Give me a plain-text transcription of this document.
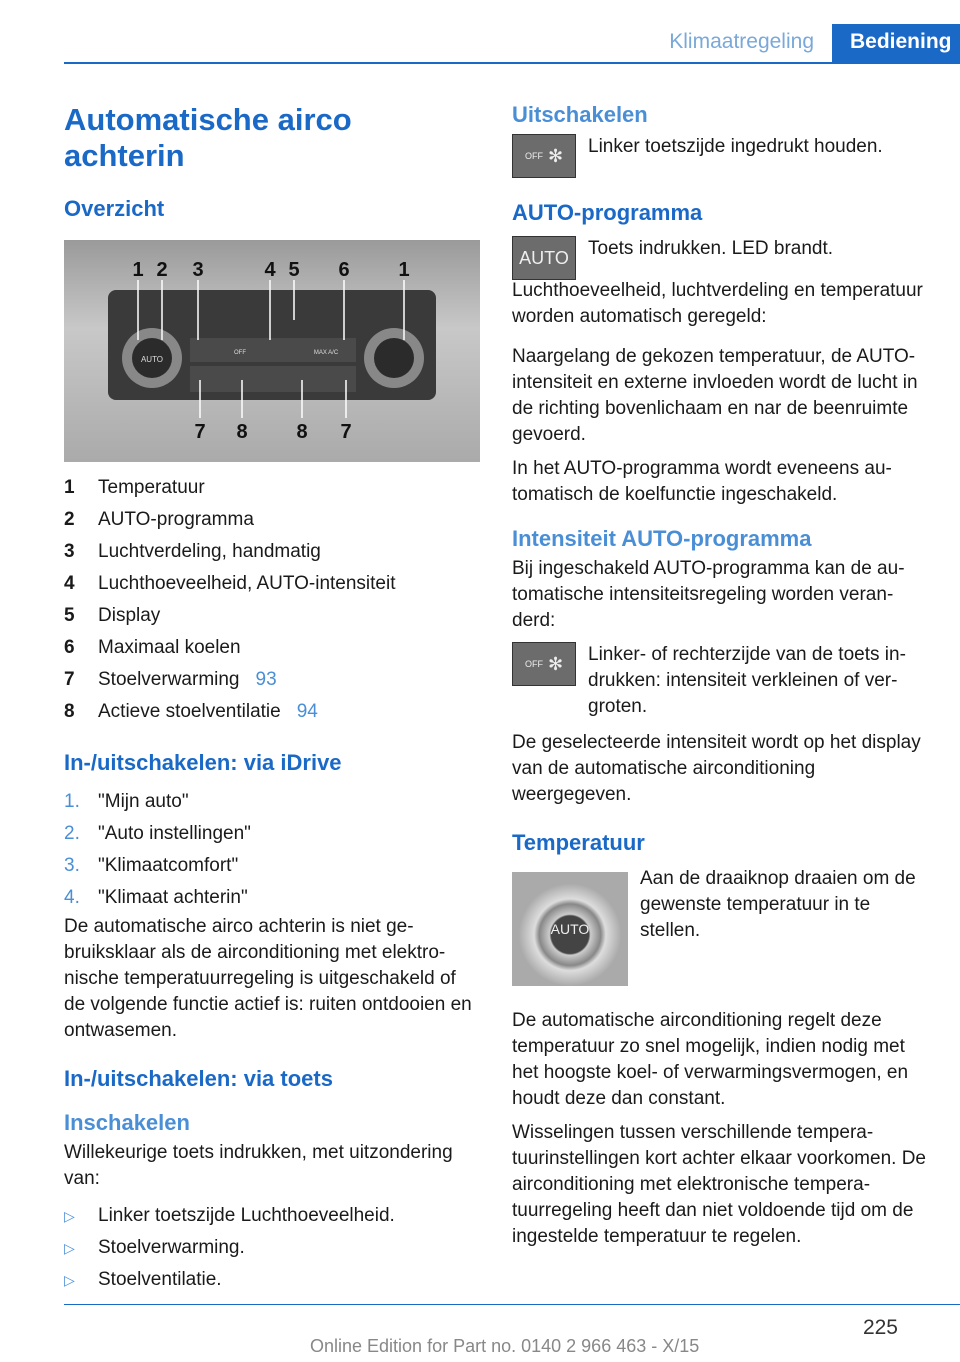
Klimaatregeling	Bediening
Automatische airco achterin
Overzicht
AUTO
OFF	MAX A/C
1 2 3	4 5 6 1
7 8 8 7
1	Temperatuur
2	AUTO-programma
3	Luchtverdeling, handmatig
4	Luchthoeveelheid, AUTO-intensiteit
5	Display
6	Maximaal koelen
7	Stoelverwarming 93
8	Actieve stoelventilatie 94
In-/uitschakelen: via iDrive
1. "Mijn auto"
2. "Auto instellingen"
3. "Klimaatcomfort"
4. "Klimaat achterin"

De automatische airco achterin is niet gebruiksklaar als de airconditioning met elektronische temperatuurregeling is uitgeschakeld of de volgende functie actief is: ruiten ontdooien en ontwasemen.

In-/uitschakelen: via toets
Inschakelen

Willekeurige toets indrukken, met uitzondering van:

▷	Linker toetszijde Luchthoeveelheid.
▷	Stoelverwarming.
▷	Stoelventilatie.
Uitschakelen
OFF ✻	Linker toetszijde ingedrukt houden.

AUTO-programma
AUTO	Toets indrukken. LED brandt.

Luchthoeveelheid, luchtverdeling en temperatuur worden automatisch geregeld:

Naargelang de gekozen temperatuur, de AUTO-intensiteit en externe invloeden wordt de lucht in de richting bovenlichaam en nar de beenruimte gevoerd.

In het AUTO-programma wordt eveneens automatisch de koelfunctie ingeschakeld.

Intensiteit AUTO-programma

Bij ingeschakeld AUTO-programma kan de automatische intensiteitsregeling worden veranderd:

OFF ✻	Linker- of rechterzijde van de toets indrukken: intensiteit verkleinen of vergroten.

De geselecteerde intensiteit wordt op het display van de automatische airconditioning weergegeven.

Temperatuur
AUTO

Aan de draaiknop draaien om de gewenste temperatuur in te stellen.

De automatische airconditioning regelt deze temperatuur zo snel mogelijk, indien nodig met het hoogste koel- of verwarmingsvermogen, en houdt deze dan constant.

Wisselingen tussen verschillende temperatuurinstellingen kort achter elkaar voorkomen. De airconditioning met elektronische temperatuurregeling heeft dan niet voldoende tijd om de ingestelde temperatuur te regelen.

225
Online Edition for Part no. 0140 2 966 463 - X/15
